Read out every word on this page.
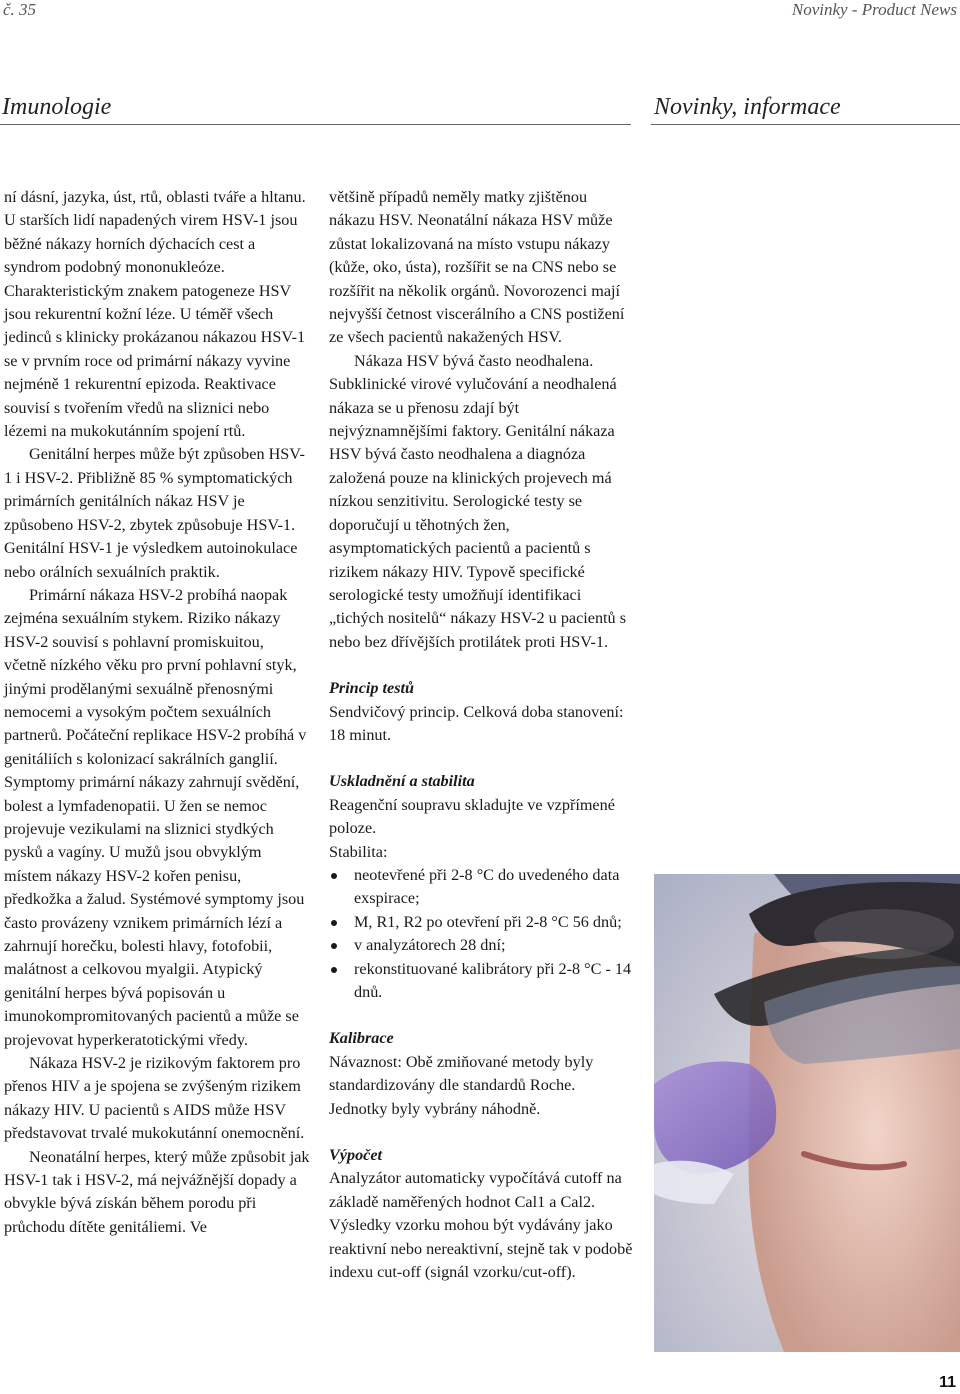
č. 35	Novinky - Product News
Imunologie	Novinky, informace

ní dásní, jazyka, úst, rtů, oblasti tváře a hltanu. U starších lidí napadených virem HSV-1 jsou běžné nákazy horních dýchacích cest a syndrom podobný mononukleóze. Charakteristickým znakem patogeneze HSV jsou rekurentní kožní léze. U téměř všech jedinců s klinicky prokázanou nákazou HSV-1 se v prvním roce od primární nákazy vyvine nejméně 1 rekurentní epizoda. Reaktivace souvisí s tvořením vředů na sliznici nebo lézemi na mukokutánním spojení rtů.

Genitální herpes může být způsoben HSV-1 i HSV-2. Přibližně 85 % symptomatických primárních genitálních nákaz HSV je způsobeno HSV-2, zbytek způsobuje HSV-1. Genitální HSV-1 je výsledkem autoinokulace nebo orálních sexuálních praktik.

Primární nákaza HSV-2 probíhá naopak zejména sexuálním stykem. Riziko nákazy HSV-2 souvisí s pohlavní promiskuitou, včetně nízkého věku pro první pohlavní styk, jinými prodělanými sexuálně přenosnými nemocemi a vysokým počtem sexuálních partnerů. Počáteční replikace HSV-2 probíhá v genitáliích s kolonizací sakrálních ganglií. Symptomy primární nákazy zahrnují svědění, bolest a lymfadenopatii. U žen se nemoc projevuje vezikulami na sliznici stydkých pysků a vagíny. U mužů jsou obvyklým místem nákazy HSV-2 kořen penisu, předkožka a žalud. Systémové symptomy jsou často provázeny vznikem primárních lézí a zahrnují horečku, bolesti hlavy, fotofobii, malátnost a celkovou myalgii. Atypický genitální herpes bývá popisován u imunokompromitovaných pacientů a může se projevovat hyperkeratotickými vředy.

Nákaza HSV-2 je rizikovým faktorem pro přenos HIV a je spojena se zvýšeným rizikem nákazy HIV. U pacientů s AIDS může HSV představovat trvalé mukokutánní onemocnění.

Neonatální herpes, který může způsobit jak HSV-1 tak i HSV-2, má nejvážnější dopady a obvykle bývá získán během porodu při průchodu dítěte genitáliemi. Ve

většině případů neměly matky zjištěnou nákazu HSV. Neonatální nákaza HSV může zůstat lokalizovaná na místo vstupu nákazy (kůže, oko, ústa), rozšířit se na CNS nebo se rozšířit na několik orgánů. Novorozenci mají nejvyšší četnost viscerálního a CNS postižení ze všech pacientů nakažených HSV.

Nákaza HSV bývá často neodhalena. Subklinické virové vylučování a neodhalená nákaza se u přenosu zdají být nejvýznamnějšími faktory. Genitální nákaza HSV bývá často neodhalena a diagnóza založená pouze na klinických projevech má nízkou senzitivitu. Serologické testy se doporučují u těhotných žen, asymptomatických pacientů a pacientů s rizikem nákazy HIV. Typově specifické serologické testy umožňují identifikaci „tichých nositelů“ nákazy HSV-2 u pacientů s nebo bez dřívějších protilátek proti HSV-1.

Princip testů

Sendvičový princip. Celková doba stanovení: 18 minut.

Uskladnění a stabilita

Reagenční soupravu skladujte ve vzpřímené poloze.

Stabilita:

neotevřené při 2-8 °C do uvedeného data exspirace;
M, R1, R2 po otevření při 2-8 °C 56 dnů;
v analyzátorech 28 dní;
rekonstituované kalibrátory při 2-8 °C - 14 dnů.

Kalibrace

Návaznost: Obě zmiňované metody byly standardizovány dle standardů Roche. Jednotky byly vybrány náhodně.

Výpočet

Analyzátor automaticky vypočítává cutoff na základě naměřených hodnot Cal1 a Cal2. Výsledky vzorku mohou být vydávány jako reaktivní nebo nereaktivní, stejně tak v podobě indexu cut-off (signál vzorku/cut-off).

11
